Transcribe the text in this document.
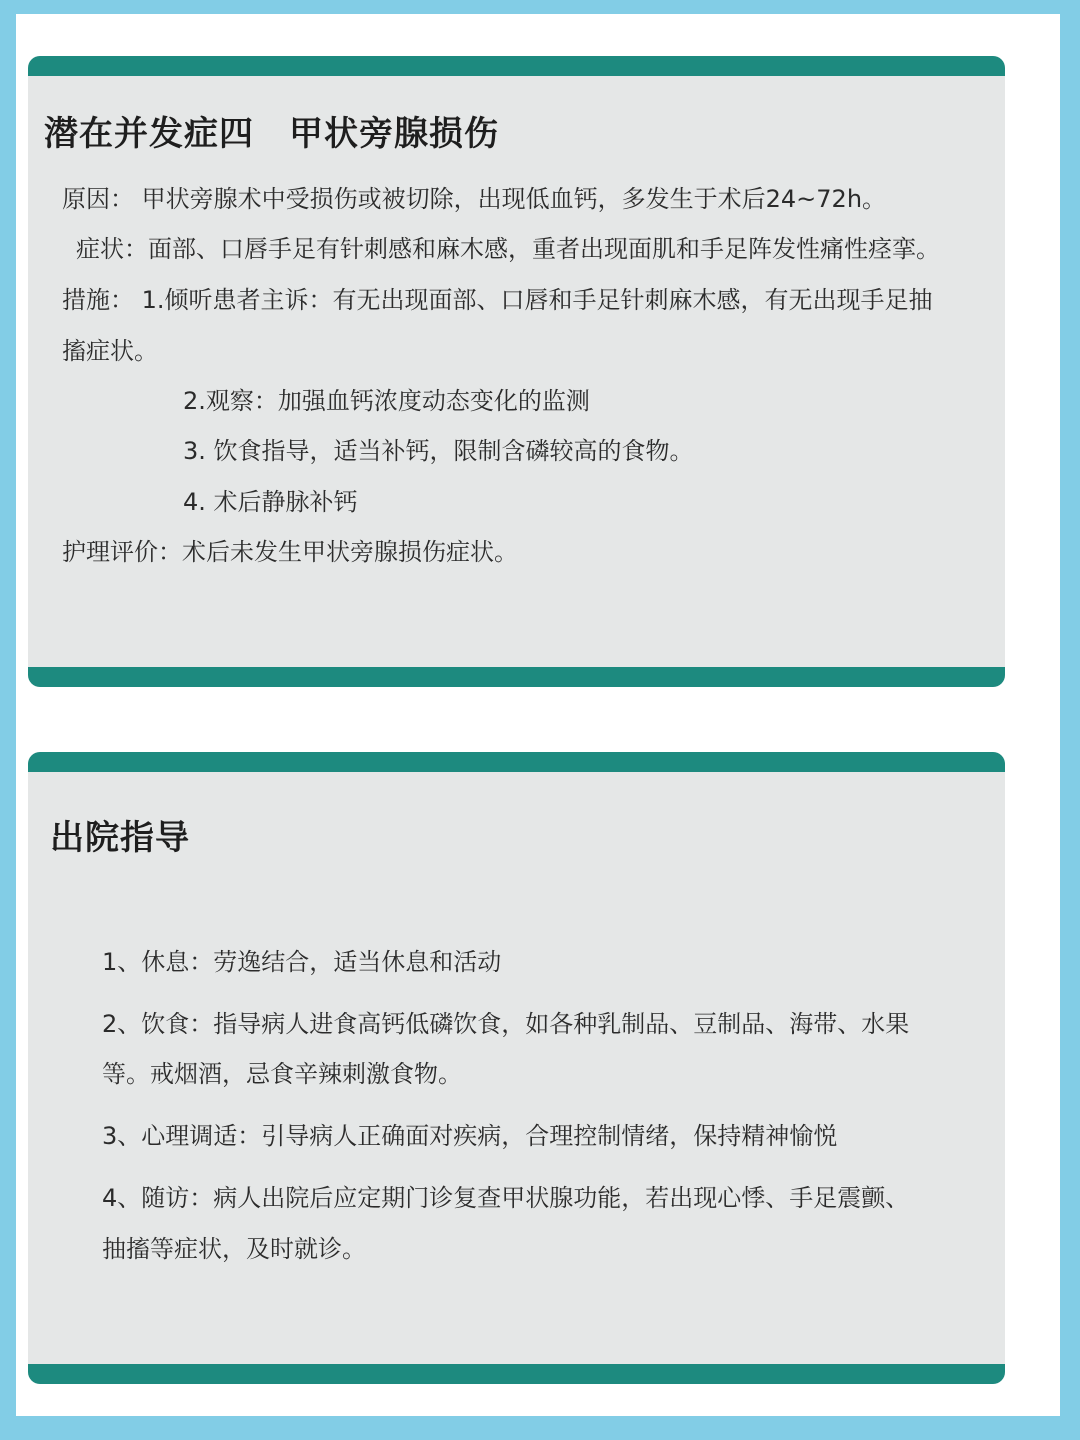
潜在并发症四　甲状旁腺损伤
原因： 甲状旁腺术中受损伤或被切除，出现低血钙，多发生于术后24~72h。
症状：面部、口唇手足有针刺感和麻木感，重者出现面肌和手足阵发性痛性痉挛。
措施： 1.倾听患者主诉：有无出现面部、口唇和手足针刺麻木感，有无出现手足抽
搐症状。
2.观察：加强血钙浓度动态变化的监测
3. 饮食指导，适当补钙，限制含磷较高的食物。
4. 术后静脉补钙
护理评价：术后未发生甲状旁腺损伤症状。
出院指导
1、休息：劳逸结合，适当休息和活动
2、饮食：指导病人进食高钙低磷饮食，如各种乳制品、豆制品、海带、水果
等。戒烟酒，忌食辛辣刺激食物。
3、心理调适：引导病人正确面对疾病，合理控制情绪，保持精神愉悦
4、随访：病人出院后应定期门诊复查甲状腺功能，若出现心悸、手足震颤、
抽搐等症状，及时就诊。
